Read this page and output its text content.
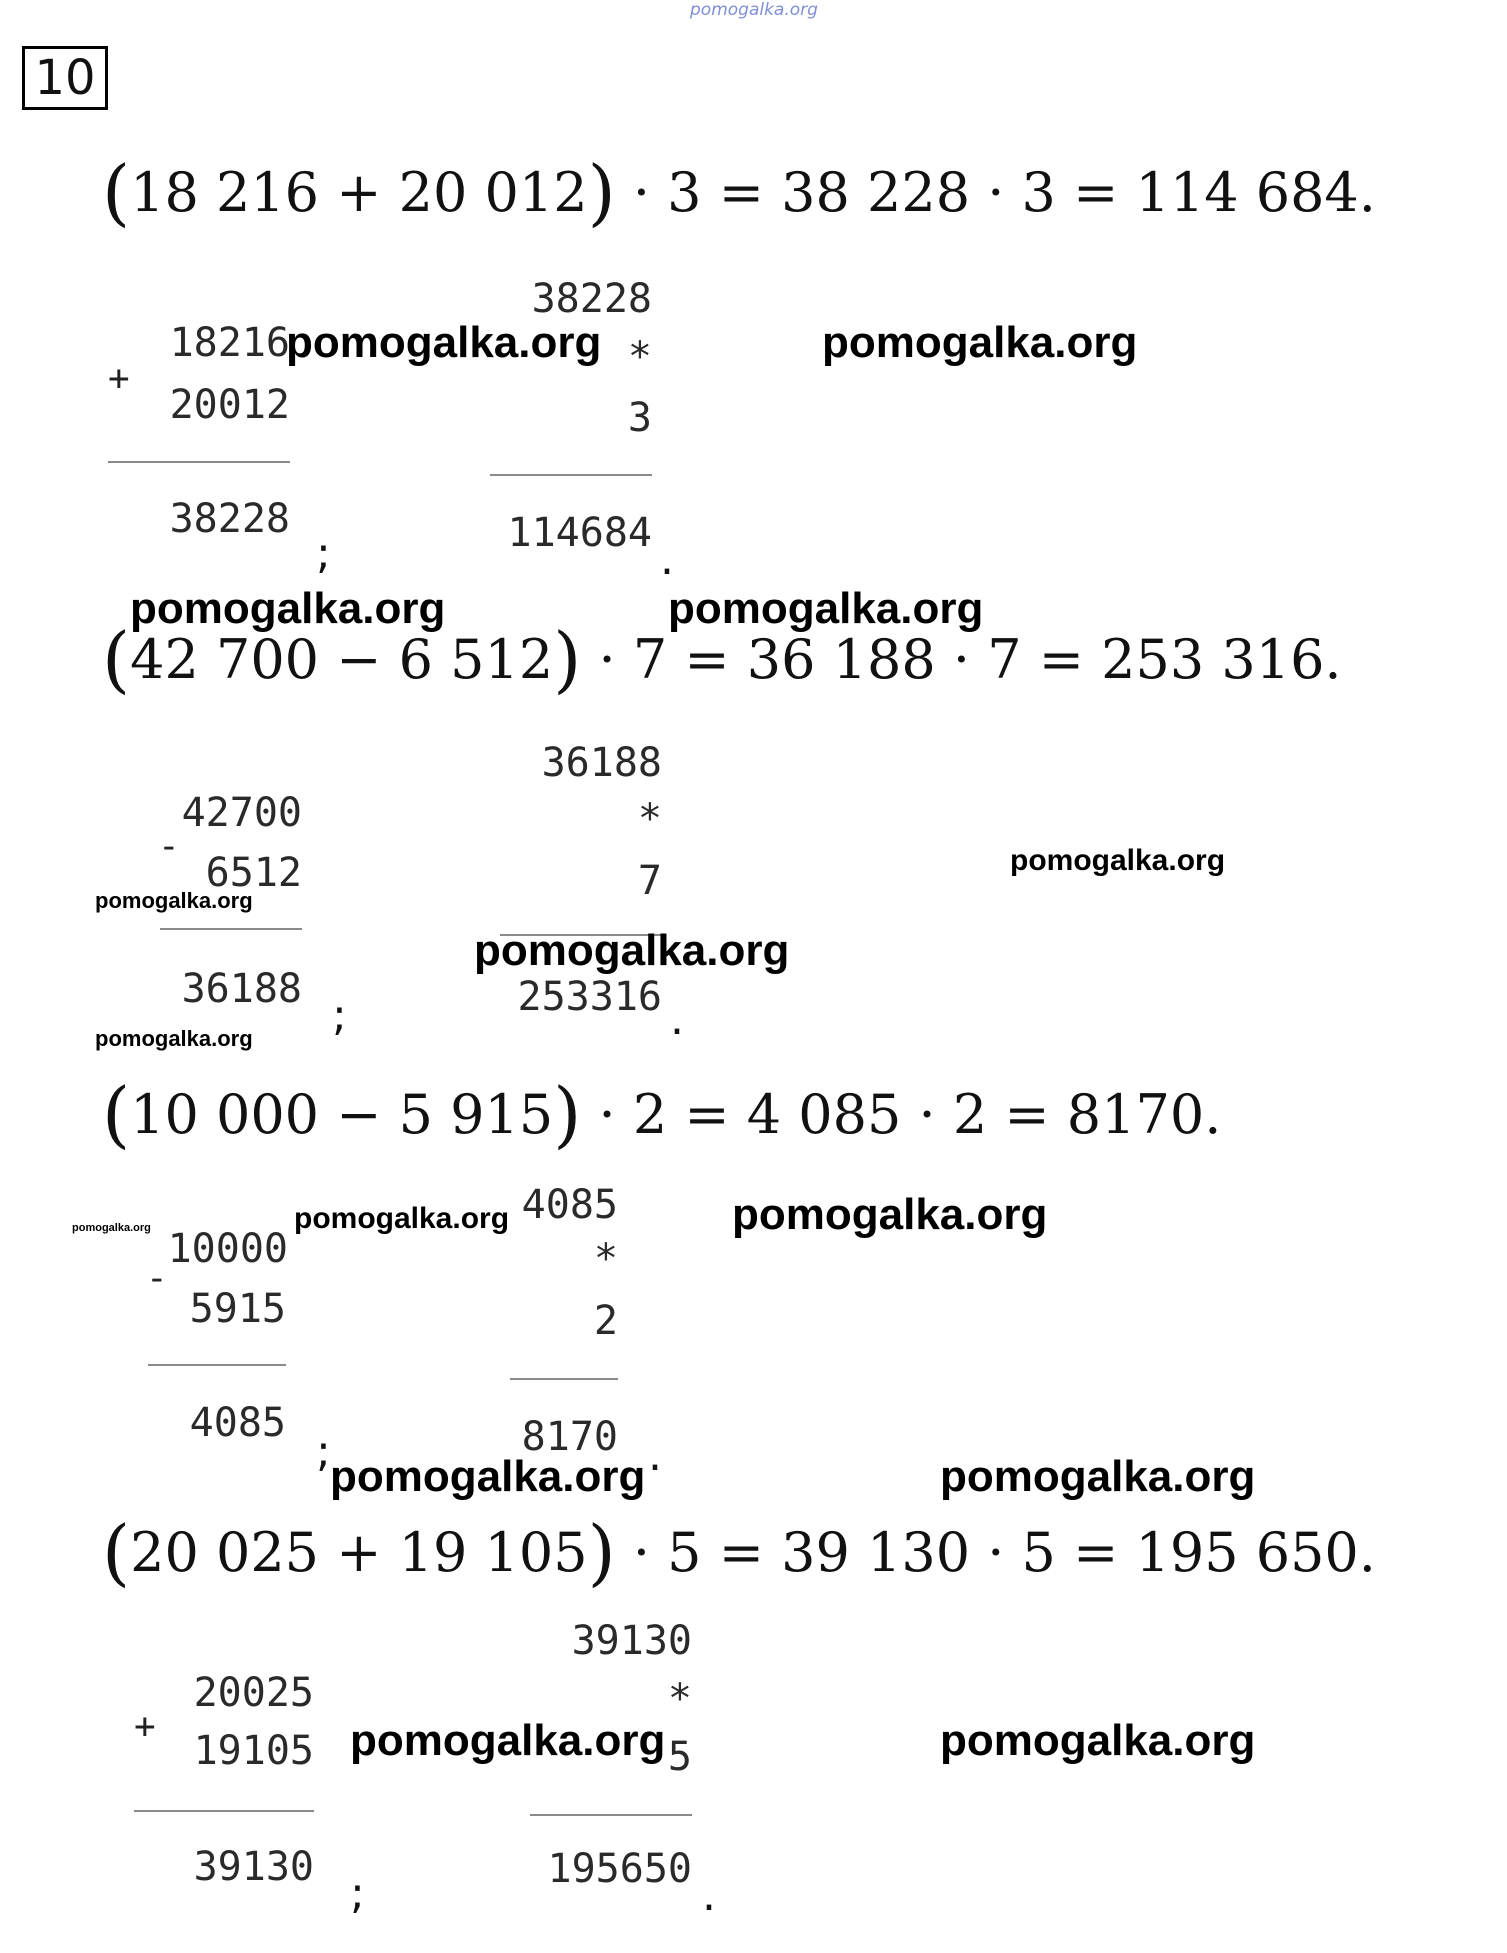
pomogalka.org
10
(18 216 + 20 012) · 3 = 38 228 · 3 = 114 684.
+
18216
20012
38228
;
38228
*
3
114684
.
(42 700 − 6 512) · 7 = 36 188 · 7 = 253 316.
42700
-
6512
36188
;
36188
*
7
253316 .
(10 000 − 5 915) · 2 = 4 085 · 2 = 8170.
10000
-
5915
4085
;
4085
*
2
8170 .
(20 025 + 19 105) · 5 = 39 130 · 5 = 195 650.
+
20025
19105
39130
;
39130
*
5
195650
.
pomogalka.org	pomogalka.org
pomogalka.org	pomogalka.org
pomogalka.org
pomogalka.org
pomogalka.org
pomogalka.org
pomogalka.org	pomogalka.org	pomogalka.org
pomogalka.org	pomogalka.org
pomogalka.org	pomogalka.org
